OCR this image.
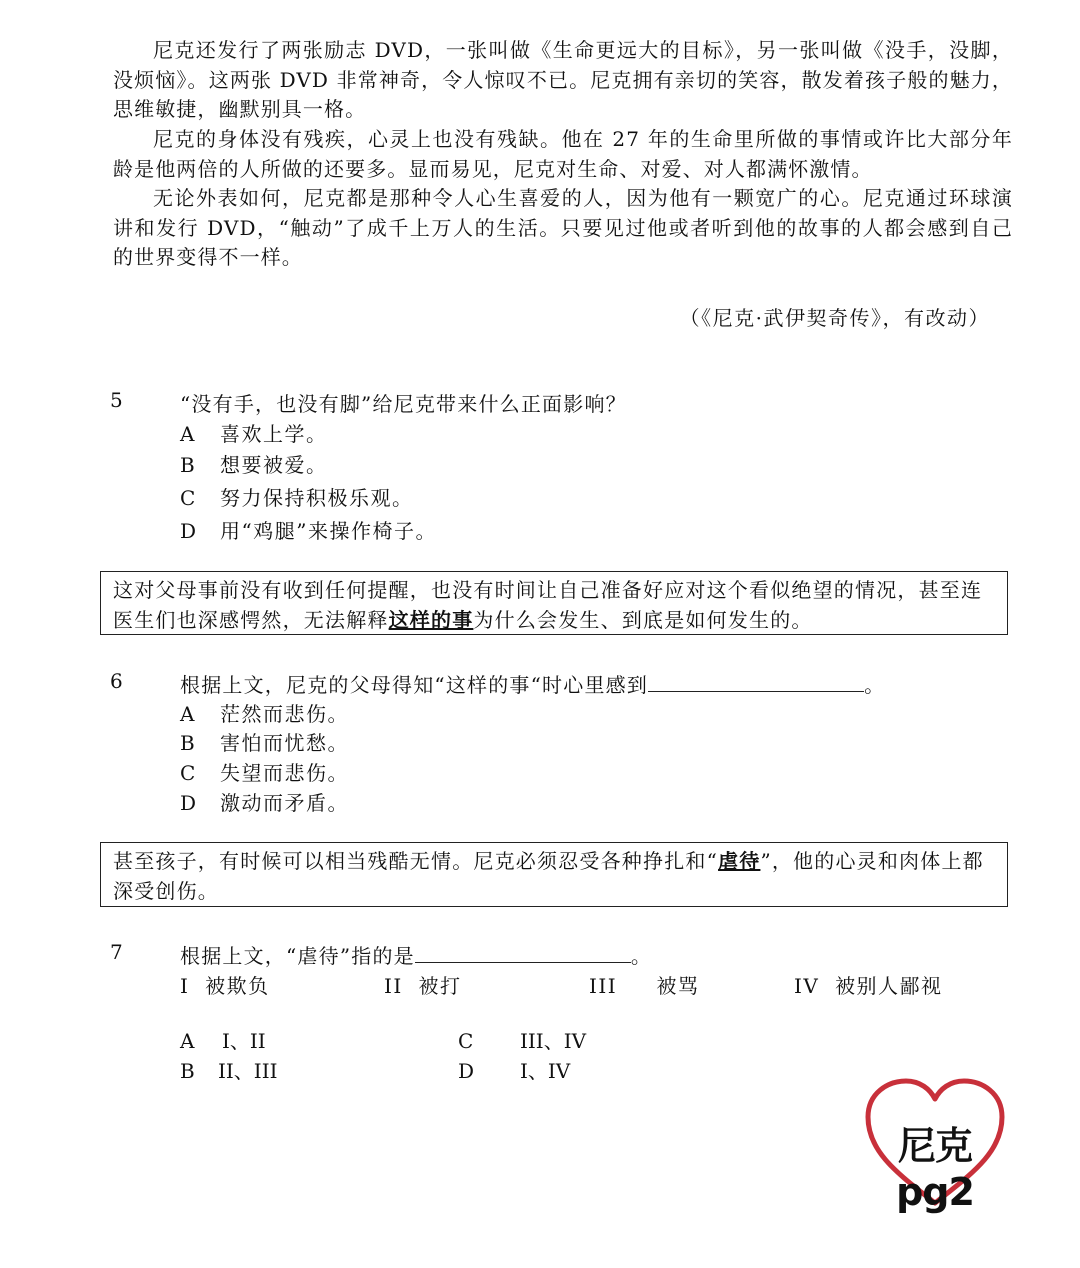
尼克还发行了两张励志 DVD，一张叫做《生命更远大的目标》，另一张叫做《没手，没脚，没烦恼》。这两张 DVD 非常神奇，令人惊叹不已。尼克拥有亲切的笑容，散发着孩子般的魅力，思维敏捷，幽默别具一格。

尼克的身体没有残疾，心灵上也没有残缺。他在 27 年的生命里所做的事情或许比大部分年龄是他两倍的人所做的还要多。显而易见，尼克对生命、对爱、对人都满怀激情。

无论外表如何，尼克都是那种令人心生喜爱的人，因为他有一颗宽广的心。尼克通过环球演讲和发行 DVD，“触动”了成千上万人的生活。只要见过他或者听到他的故事的人都会感到自己的世界变得不一样。

（《尼克·武伊契奇传》，有改动）
5	“没有手，也没有脚”给尼克带来什么正面影响？
A 喜欢上学。
B 想要被爱。
C 努力保持积极乐观。
D 用“鸡腿”来操作椅子。
这对父母事前没有收到任何提醒，也没有时间让自己准备好应对这个看似绝望的情况，甚至连医生们也深感愕然，无法解释这样的事为什么会发生、到底是如何发生的。
6	根据上文，尼克的父母得知“这样的事“时心里感到	。
A 茫然而悲伤。
B 害怕而忧愁。
C 失望而悲伤。
D 激动而矛盾。
甚至孩子，有时候可以相当残酷无情。尼克必须忍受各种挣扎和“虐待”，他的心灵和肉体上都深受创伤。
7	根据上文，“虐待”指的是	。
I 被欺负	II 被打	III 被骂	IV 被别人鄙视
A I、II	C III、IV
B II、III	D I、IV
尼克pg2
